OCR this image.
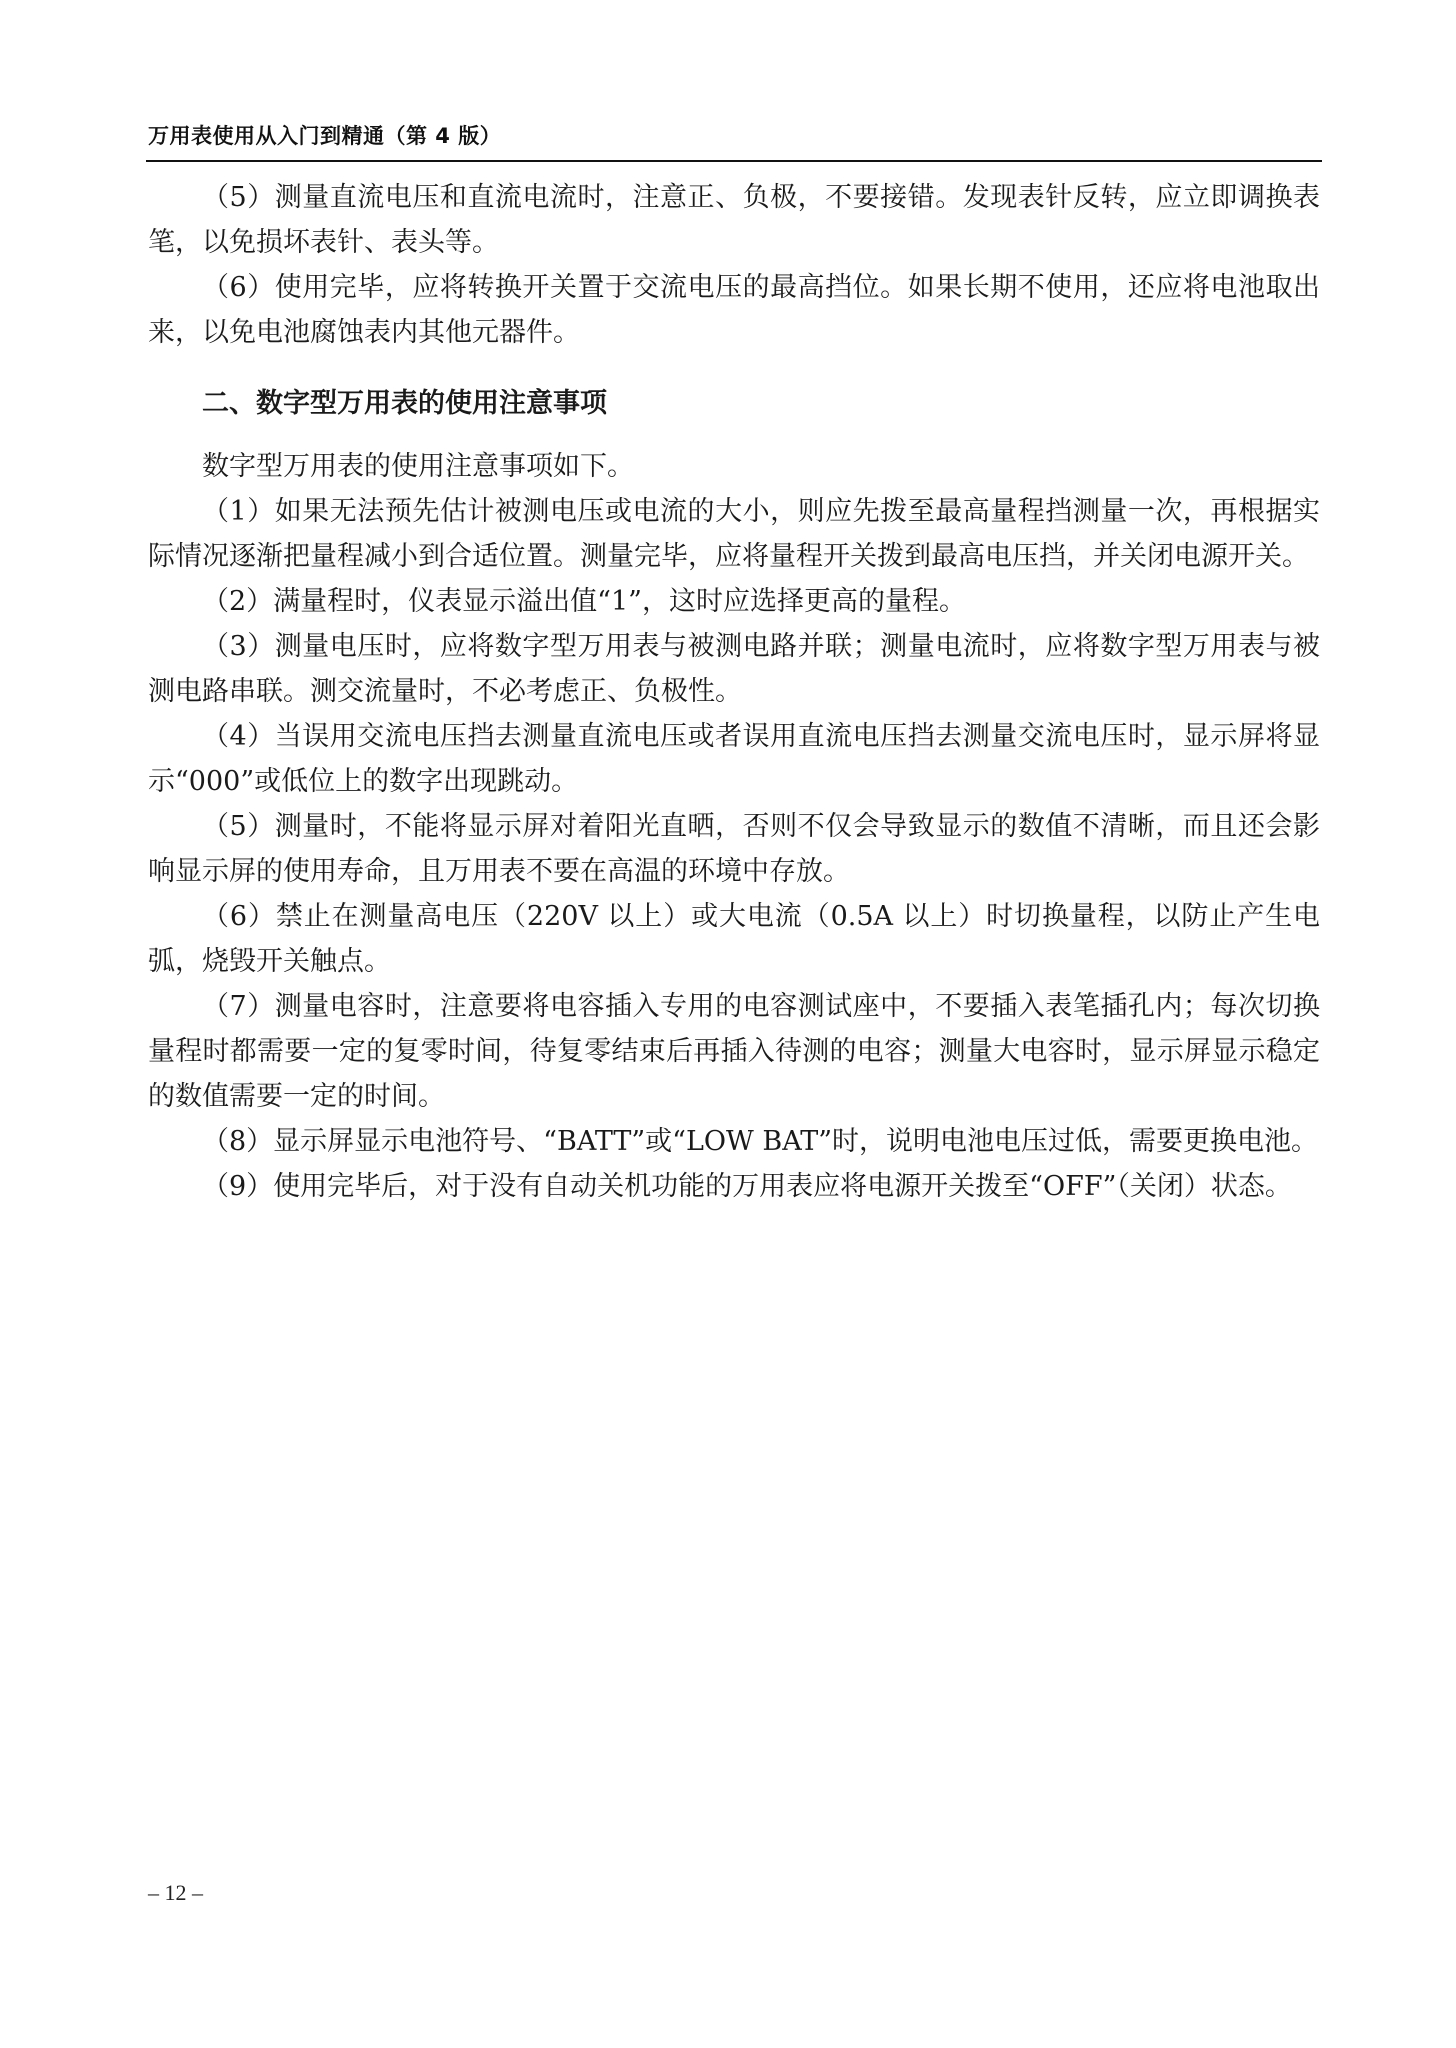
万用表使用从入门到精通（第 4 版）

（5）测量直流电压和直流电流时，注意正、负极，不要接错。发现表针反转，应立即调换表笔，以免损坏表针、表头等。

（6）使用完毕，应将转换开关置于交流电压的最高挡位。如果长期不使用，还应将电池取出来，以免电池腐蚀表内其他元器件。

二、数字型万用表的使用注意事项

数字型万用表的使用注意事项如下。

（1）如果无法预先估计被测电压或电流的大小，则应先拨至最高量程挡测量一次，再根据实际情况逐渐把量程减小到合适位置。测量完毕，应将量程开关拨到最高电压挡，并关闭电源开关。

（2）满量程时，仪表显示溢出值“1”，这时应选择更高的量程。

（3）测量电压时，应将数字型万用表与被测电路并联；测量电流时，应将数字型万用表与被测电路串联。测交流量时，不必考虑正、负极性。

（4）当误用交流电压挡去测量直流电压或者误用直流电压挡去测量交流电压时，显示屏将显示“000”或低位上的数字出现跳动。

（5）测量时，不能将显示屏对着阳光直晒，否则不仅会导致显示的数值不清晰，而且还会影响显示屏的使用寿命，且万用表不要在高温的环境中存放。

（6）禁止在测量高电压（220V 以上）或大电流（0.5A 以上）时切换量程，以防止产生电弧，烧毁开关触点。

（7）测量电容时，注意要将电容插入专用的电容测试座中，不要插入表笔插孔内；每次切换量程时都需要一定的复零时间，待复零结束后再插入待测的电容；测量大电容时，显示屏显示稳定的数值需要一定的时间。

（8）显示屏显示电池符号、“BATT”或“LOW BAT”时，说明电池电压过低，需要更换电池。

（9）使用完毕后，对于没有自动关机功能的万用表应将电源开关拨至“OFF”（关闭）状态。

– 12 –
